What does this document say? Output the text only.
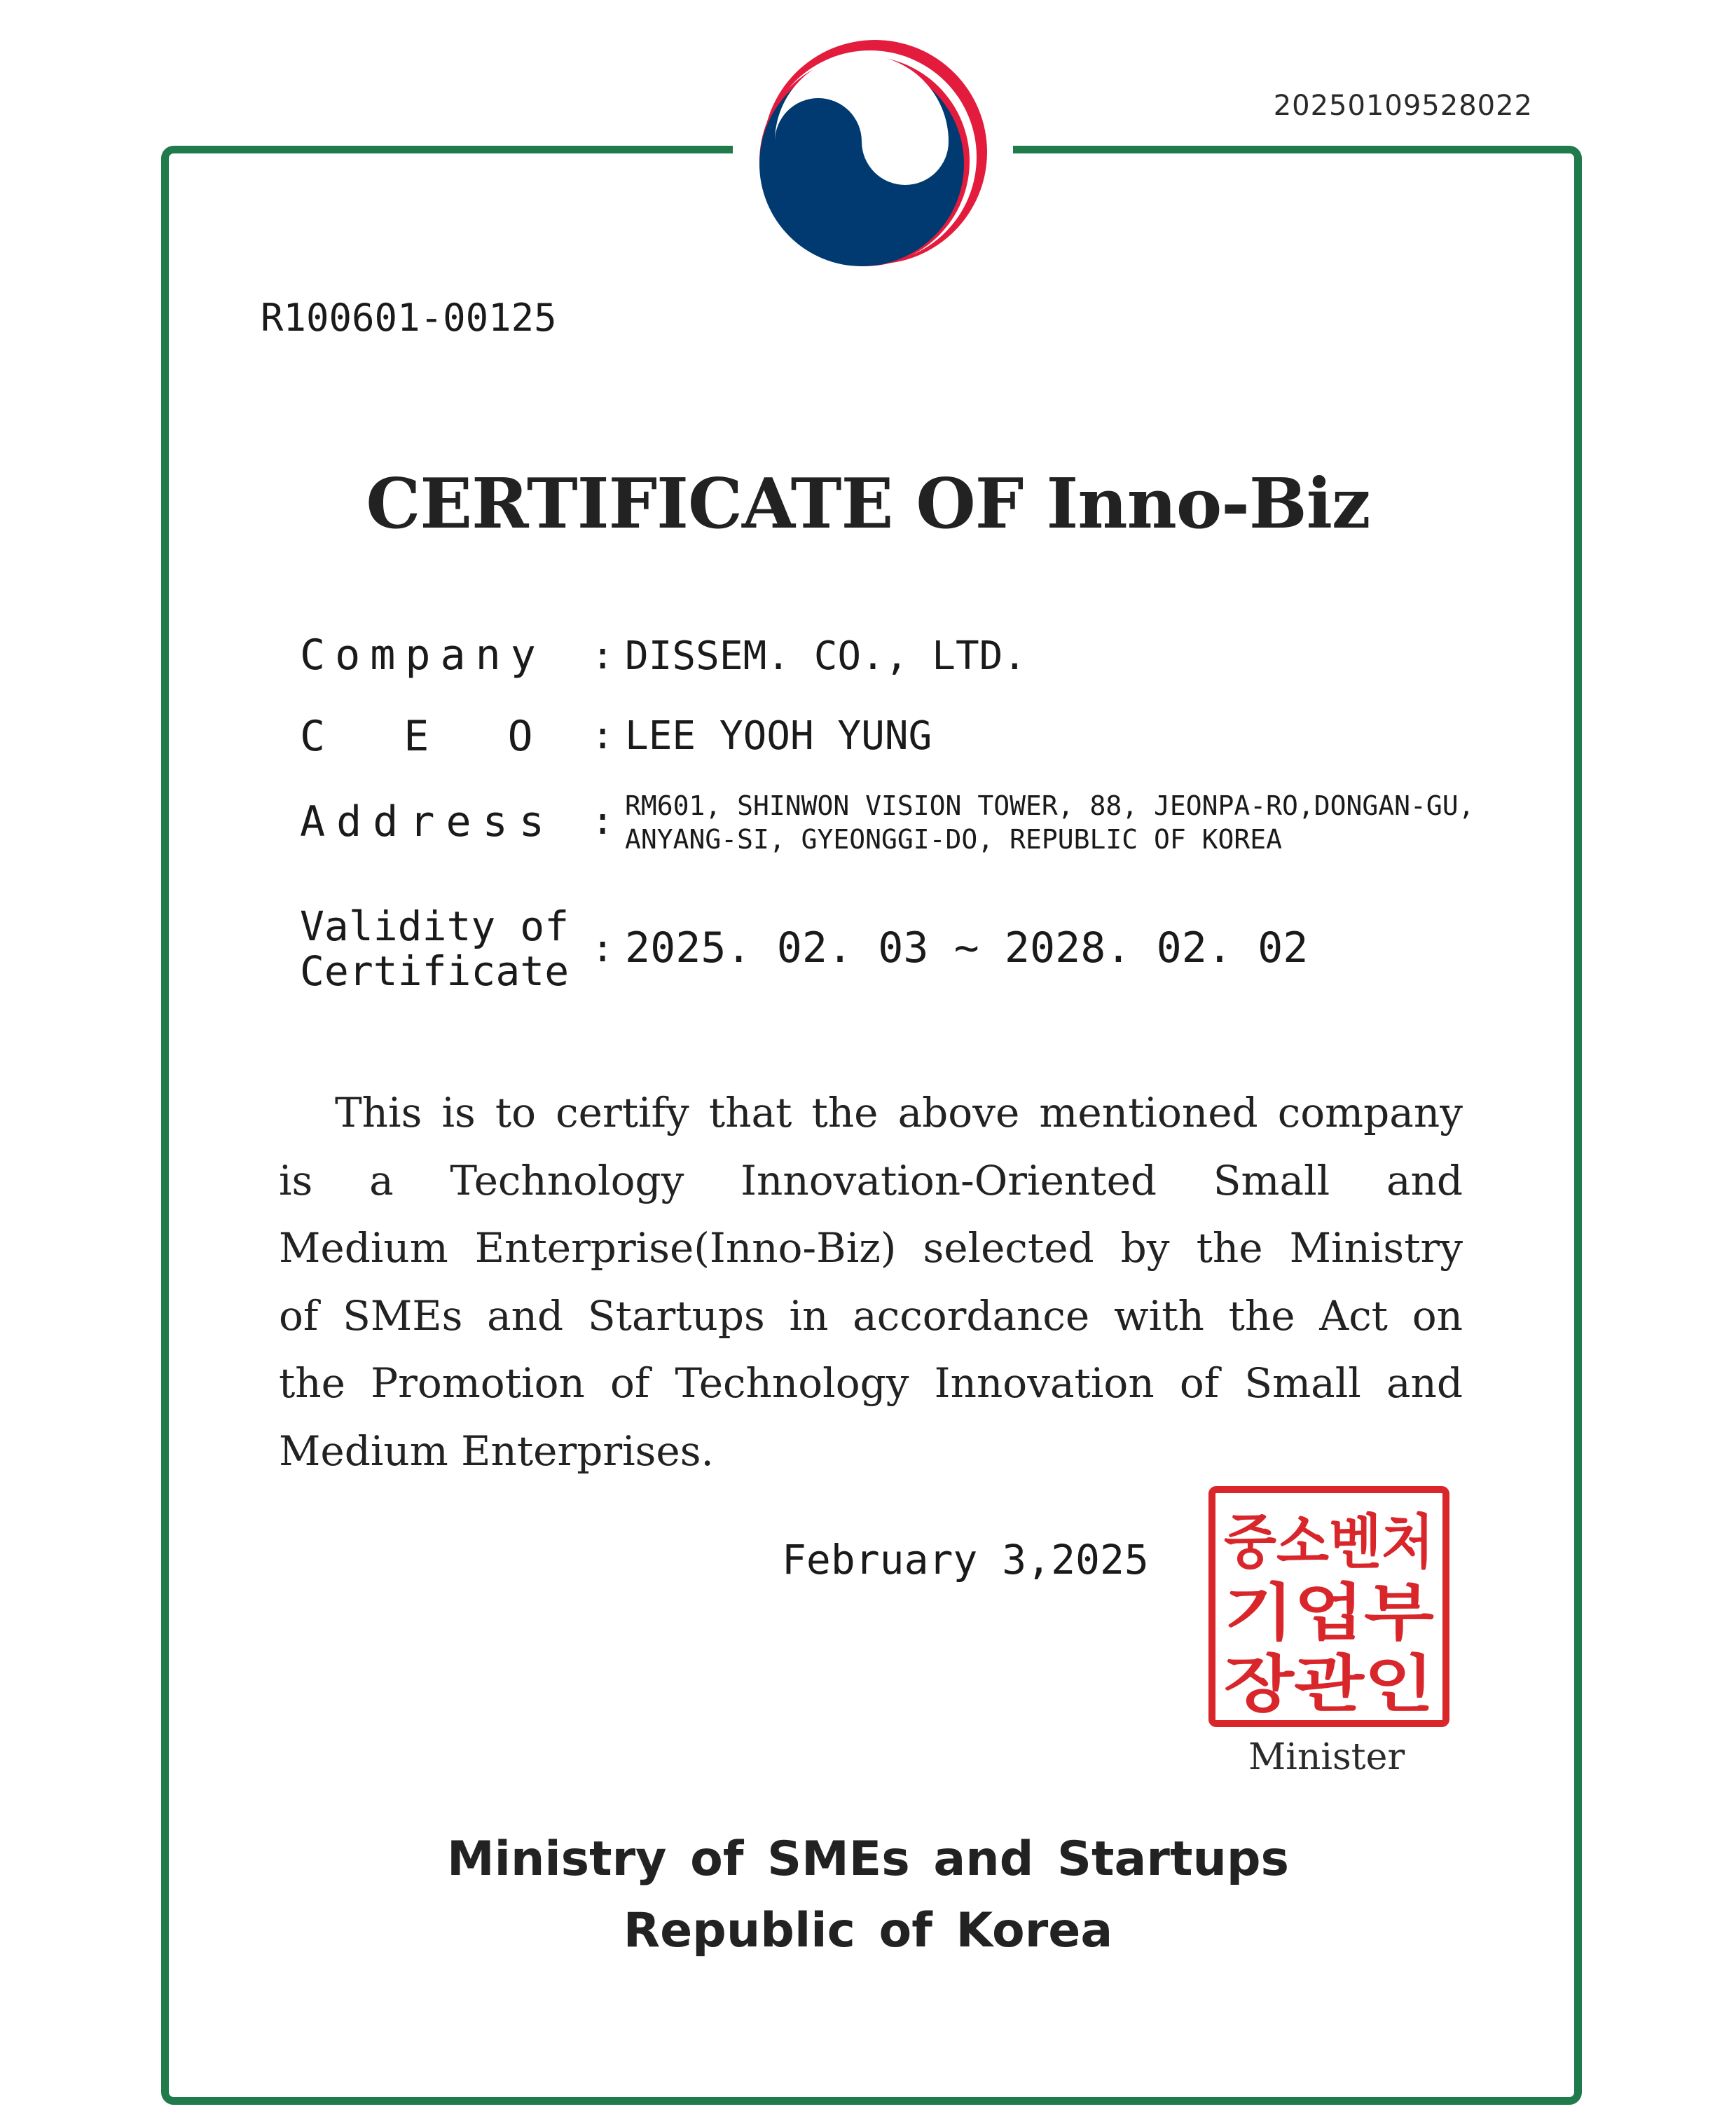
20250109528022
R100601-00125
CERTIFICATE OF Inno-Biz
Company : DISSEM. CO., LTD.
C E O : LEE YOOH YUNG
Address : RM601, SHINWON VISION TOWER, 88, JEONPA-RO,DONGAN-GU,
ANYANG-SI, GYEONGGI-DO, REPUBLIC OF KOREA
Validity of
Certificate : 2025. 02. 03 ~ 2028. 02. 02
This is to certify that the above mentioned company
is a Technology Innovation-Oriented Small and
Medium Enterprise(Inno-Biz) selected by the Ministry
of SMEs and Startups in accordance with the Act on
the Promotion of Technology Innovation of Small and
Medium Enterprises.
February 3,2025 중소벤처
기업부
장관인
Minister
Ministry of SMEs and Startups
Republic of Korea
